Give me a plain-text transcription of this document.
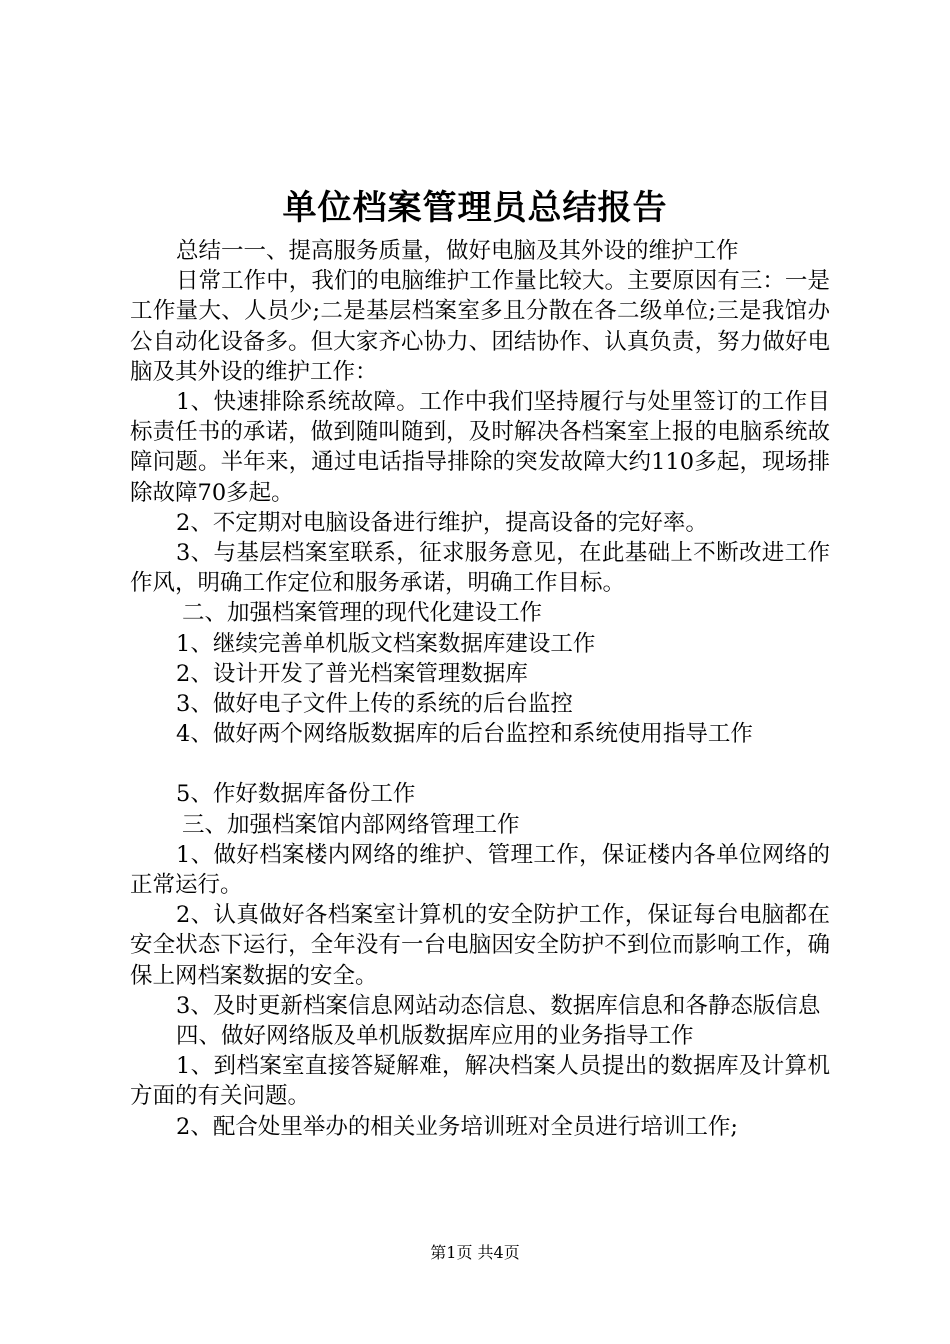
单位档案管理员总结报告

总结一一、提高服务质量，做好电脑及其外设的维护工作

日常工作中，我们的电脑维护工作量比较大。主要原因有三：一是工作量大、人员少;二是基层档案室多且分散在各二级单位;三是我馆办公自动化设备多。但大家齐心协力、团结协作、认真负责，努力做好电脑及其外设的维护工作：

1、快速排除系统故障。工作中我们坚持履行与处里签订的工作目标责任书的承诺，做到随叫随到，及时解决各档案室上报的电脑系统故障问题。半年来，通过电话指导排除的突发故障大约110多起，现场排除故障70多起。

2、不定期对电脑设备进行维护，提高设备的完好率。

3、与基层档案室联系，征求服务意见，在此基础上不断改进工作作风，明确工作定位和服务承诺，明确工作目标。

二、加强档案管理的现代化建设工作

1、继续完善单机版文档案数据库建设工作

2、设计开发了普光档案管理数据库

3、做好电子文件上传的系统的后台监控

4、做好两个网络版数据库的后台监控和系统使用指导工作

5、作好数据库备份工作

三、加强档案馆内部网络管理工作

1、做好档案楼内网络的维护、管理工作，保证楼内各单位网络的正常运行。

2、认真做好各档案室计算机的安全防护工作，保证每台电脑都在安全状态下运行，全年没有一台电脑因安全防护不到位而影响工作，确保上网档案数据的安全。

3、及时更新档案信息网站动态信息、数据库信息和各静态版信息

四、做好网络版及单机版数据库应用的业务指导工作

1、到档案室直接答疑解难，解决档案人员提出的数据库及计算机方面的有关问题。

2、配合处里举办的相关业务培训班对全员进行培训工作;

第1页 共4页
